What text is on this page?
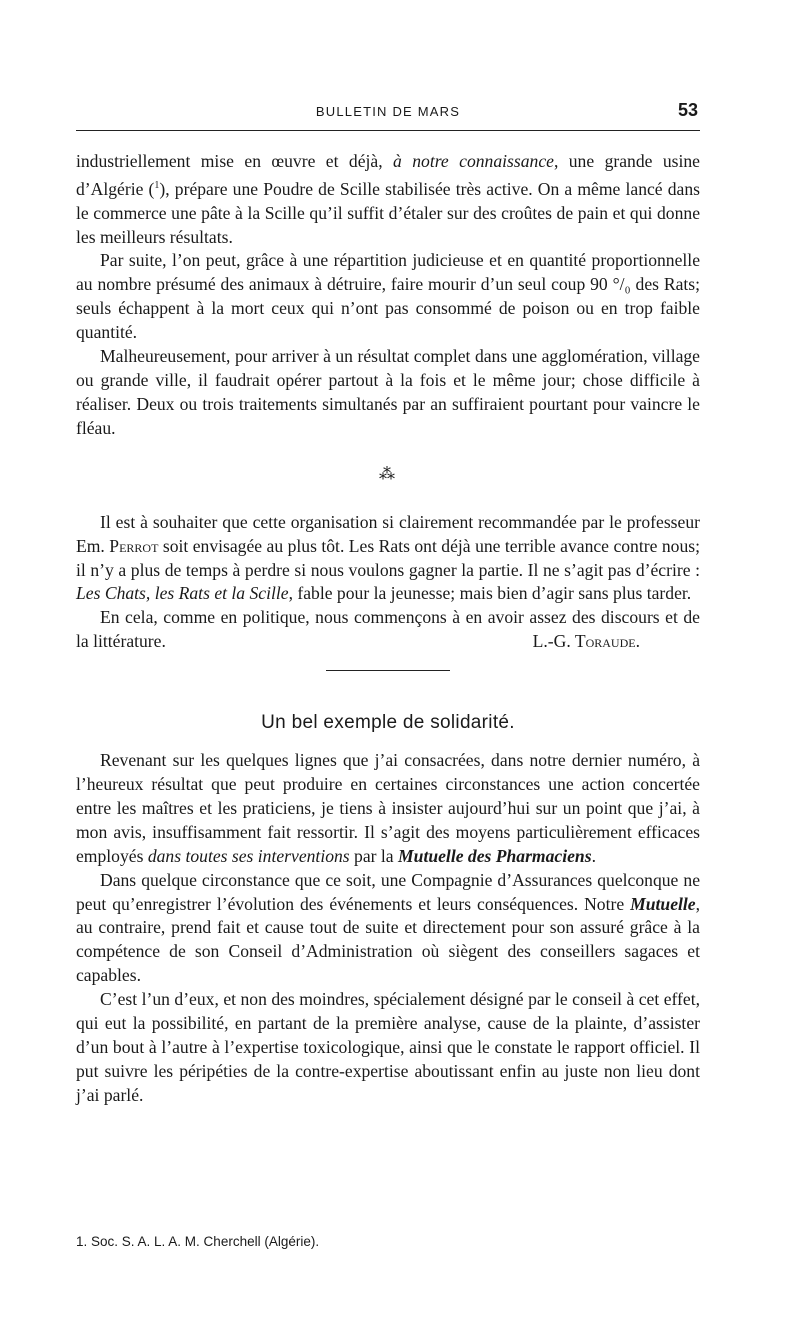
BULLETIN DE MARS	53

industriellement mise en œuvre et déjà, à notre connaissance, une grande usine d’Algérie ($^1$), prépare une Poudre de Scille stabilisée très active. On a même lancé dans le commerce une pâte à la Scille qu’il suffit d’étaler sur des croûtes de pain et qui donne les meilleurs résultats.

Par suite, l’on peut, grâce à une répartition judicieuse et en quantité proportionnelle au nombre présumé des animaux à détruire, faire mourir d’un seul coup 90 °/₀ des Rats; seuls échappent à la mort ceux qui n’ont pas consommé de poison ou en trop faible quantité.

Malheureusement, pour arriver à un résultat complet dans une agglomération, village ou grande ville, il faudrait opérer partout à la fois et le même jour; chose difficile à réaliser. Deux ou trois traitements simultanés par an suffiraient pourtant pour vaincre le fléau.

⁂

Il est à souhaiter que cette organisation si clairement recommandée par le professeur Em. Perrot soit envisagée au plus tôt. Les Rats ont déjà une terrible avance contre nous; il n’y a plus de temps à perdre si nous voulons gagner la partie. Il ne s’agit pas d’écrire : Les Chats, les Rats et la Scille, fable pour la jeunesse; mais bien d’agir sans plus tarder.

En cela, comme en politique, nous commençons à en avoir assez des discours et de la littérature.	L.-G. Toraude.

Un bel exemple de solidarité.

Revenant sur les quelques lignes que j’ai consacrées, dans notre dernier numéro, à l’heureux résultat que peut produire en certaines circonstances une action concertée entre les maîtres et les praticiens, je tiens à insister aujourd’hui sur un point que j’ai, à mon avis, insuffisamment fait ressortir. Il s’agit des moyens particulièrement efficaces employés dans toutes ses interventions par la Mutuelle des Pharmaciens.

Dans quelque circonstance que ce soit, une Compagnie d’Assurances quelconque ne peut qu’enregistrer l’évolution des événements et leurs conséquences. Notre Mutuelle, au contraire, prend fait et cause tout de suite et directement pour son assuré grâce à la compétence de son Conseil d’Administration où siègent des conseillers sagaces et capables.

C’est l’un d’eux, et non des moindres, spécialement désigné par le conseil à cet effet, qui eut la possibilité, en partant de la première analyse, cause de la plainte, d’assister d’un bout à l’autre à l’expertise toxicologique, ainsi que le constate le rapport officiel. Il put suivre les péripéties de la contre-expertise aboutissant enfin au juste non lieu dont j’ai parlé.

1. Soc. S. A. L. A. M. Cherchell (Algérie).
